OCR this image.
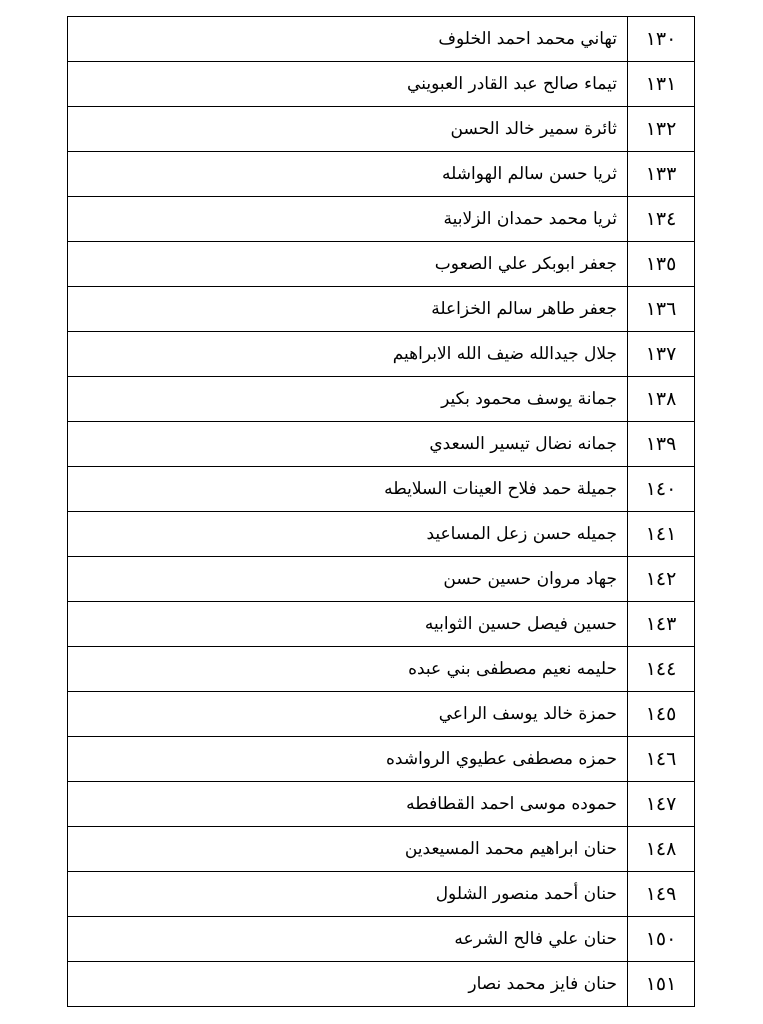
١٣٠	تهاني محمد احمد الخلوف
١٣١	تيماء صالح عبد القادر العبويني
١٣٢	ثائرة سمير خالد الحسن
١٣٣	ثريا حسن سالم الهواشله
١٣٤	ثريا محمد حمدان الزلابية
١٣٥	جعفر ابوبكر علي الصعوب
١٣٦	جعفر طاهر سالم الخزاعلة
١٣٧	جلال جيدالله ضيف الله الابراهيم
١٣٨	جمانة يوسف محمود بكير
١٣٩	جمانه نضال تيسير السعدي
١٤٠	جميلة حمد فلاح العينات السلايطه
١٤١	جميله حسن زعل المساعيد
١٤٢	جهاد مروان حسين حسن
١٤٣	حسين فيصل حسين الثوابيه
١٤٤	حليمه نعيم مصطفى بني عبده
١٤٥	حمزة خالد يوسف الراعي
١٤٦	حمزه مصطفى عطيوي الرواشده
١٤٧	حموده موسى احمد القطافطه
١٤٨	حنان ابراهيم محمد المسيعدين
١٤٩	حنان أحمد منصور الشلول
١٥٠	حنان علي فالح الشرعه
١٥١	حنان فايز محمد نصار
